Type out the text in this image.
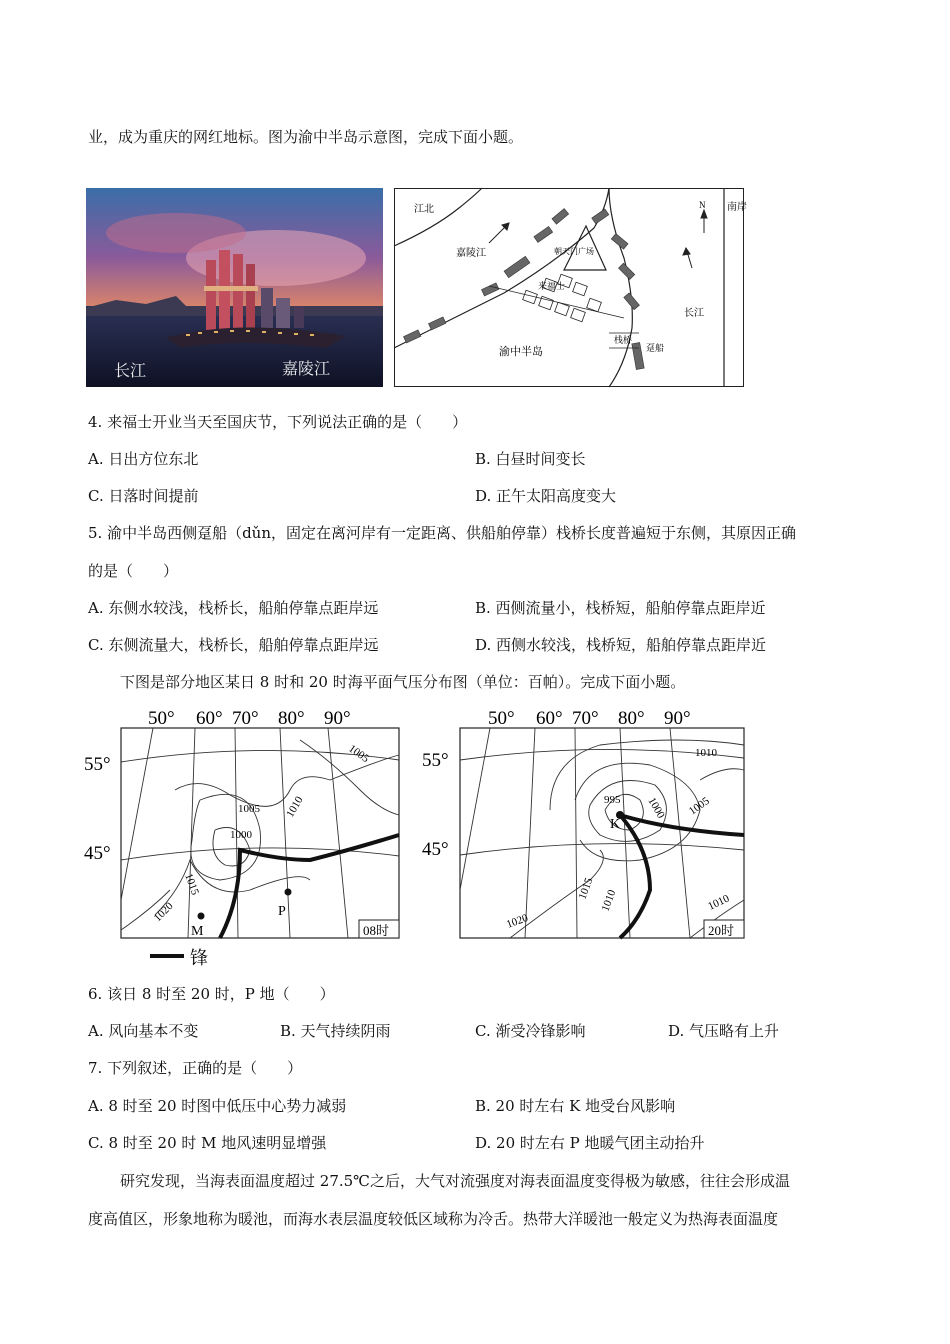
业，成为重庆的网红地标。图为渝中半岛示意图，完成下面小题。
长江	嘉陵江
江北
嘉陵江	朝天门广场
来福士
渝中半岛
栈桥
趸船
长江
南岸
N
4. 来福士开业当天至国庆节，下列说法正确的是（　　）
A. 日出方位东北	B. 白昼时间变长
C. 日落时间提前	D. 正午太阳高度变大
5. 渝中半岛西侧趸船（dǔn，固定在离河岸有一定距离、供船舶停靠）栈桥长度普遍短于东侧，其原因正确
的是（　　）
A. 东侧水较浅，栈桥长，船舶停靠点距岸远	B. 西侧流量小，栈桥短，船舶停靠点距岸近
C. 东侧流量大，栈桥长，船舶停靠点距岸远	D. 西侧水较浅，栈桥短，船舶停靠点距岸近
下图是部分地区某日 8 时和 20 时海平面气压分布图（单位：百帕）。完成下面小题。
50° 60° 70° 80° 90°
55°
45°
1005
1010
1005
1000
1015
1020
M
P
08时
锋
50° 60° 70° 80° 90°
55°
45°
K
1010
995 1000 1005
1015 1010
1020
1010
20时
6. 该日 8 时至 20 时，P 地（　　）
A. 风向基本不变	B. 天气持续阴雨	C. 渐受冷锋影响	D. 气压略有上升
7. 下列叙述，正确的是（　　）
A. 8 时至 20 时图中低压中心势力减弱	B. 20 时左右 K 地受台风影响
C. 8 时至 20 时 M 地风速明显增强	D. 20 时左右 P 地暖气团主动抬升
研究发现，当海表面温度超过 27.5℃之后，大气对流强度对海表面温度变得极为敏感，往往会形成温
度高值区，形象地称为暖池，而海水表层温度较低区域称为冷舌。热带大洋暖池一般定义为热海表面温度
